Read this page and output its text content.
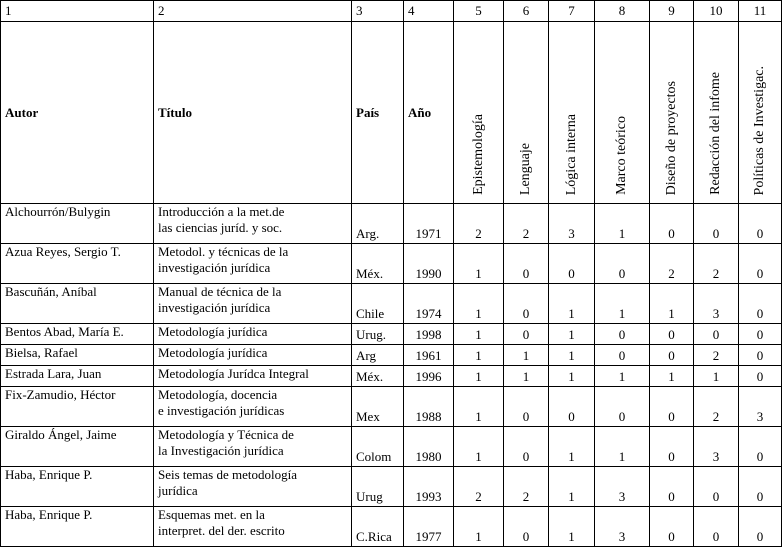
1	2	3	4	5	6	7	8	9	10	11
Autor	Título	País	Año	Epistemología	Lenguaje	Lógica interna	Marco teórico	Diseño de proyectos	Redacción del infome	Políticas de Investigac.
Alchourrón/Bulygin	Introducción a la met.de
las ciencias juríd. y soc.	Arg.	1971	2	2	3	1	0	0	0
Azua Reyes, Sergio T.	Metodol. y técnicas de la
investigación jurídica	Méx.	1990	1	0	0	0	2	2	0
Bascuñán, Aníbal	Manual de técnica de la
investigación jurídica	Chile	1974	1	0	1	1	1	3	0
Bentos Abad, María E.	Metodología jurídica	Urug.	1998	1	0	1	0	0	0	0
Bielsa, Rafael	Metodología jurídica	Arg	1961	1	1	1	0	0	2	0
Estrada Lara, Juan	Metodología Jurídca Integral	Méx.	1996	1	1	1	1	1	1	0
Fix-Zamudio, Héctor	Metodología, docencia
e investigación jurídicas	Mex	1988	1	0	0	0	0	2	3
Giraldo Ángel, Jaime	Metodología y Técnica de
la Investigación jurídica	Colom	1980	1	0	1	1	0	3	0
Haba, Enrique P.	Seis temas de metodología
jurídica	Urug	1993	2	2	1	3	0	0	0
Haba, Enrique P.	Esquemas met. en la
interpret. del der. escrito	C.Rica	1977	1	0	1	3	0	0	0
